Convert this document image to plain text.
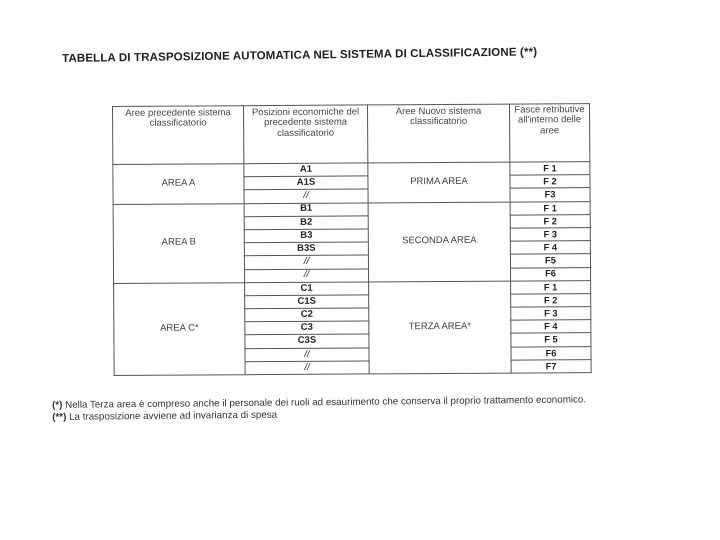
TABELLA DI TRASPOSIZIONE AUTOMATICA NEL SISTEMA DI CLASSIFICAZIONE (**)
Aree precedente sistema classificatorio	Posizioni economiche del precedente sistema classificatorio	Aree Nuovo sistema classificatorio	Fasce retributive all'interno delle aree
AREA A	A1	PRIMA AREA	F 1
	A1S		F 2
	//		F3
AREA B	B1	SECONDA AREA	F 1
	B2		F 2
	B3		F 3
	B3S		F 4
	//		F5
	//		F6
AREA C*	C1	TERZA AREA*	F 1
	C1S		F 2
	C2		F 3
	C3		F 4
	C3S		F 5
	//		F6
	//		F7

(*) Nella Terza area è compreso anche il personale dei ruoli ad esaurimento che conserva il proprio trattamento economico.

(**) La trasposizione avviene ad invarianza di spesa
